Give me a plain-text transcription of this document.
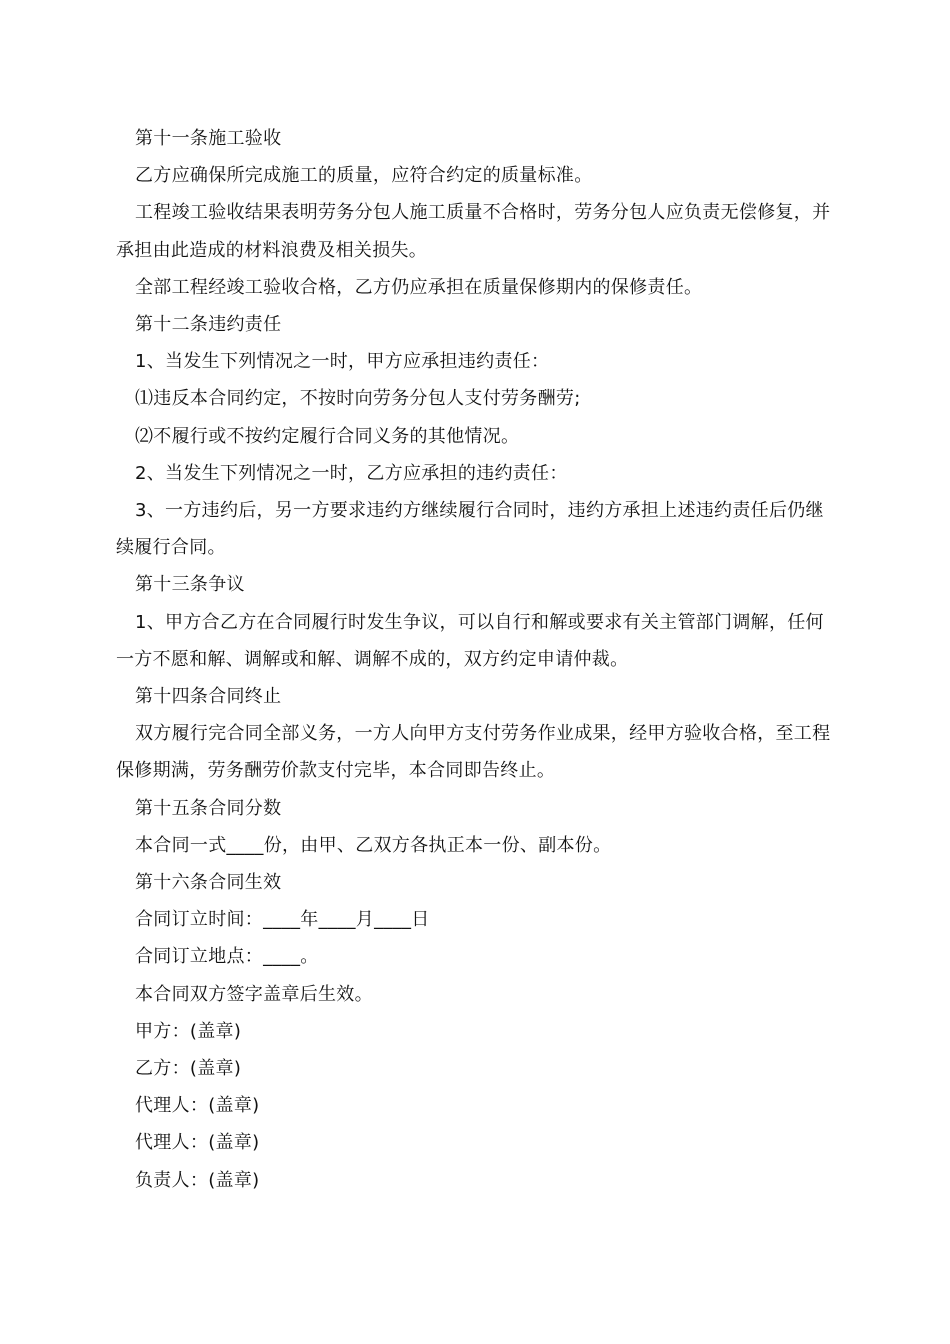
第十一条施工验收

乙方应确保所完成施工的质量，应符合约定的质量标准。

工程竣工验收结果表明劳务分包人施工质量不合格时，劳务分包人应负责无偿修复，并承担由此造成的材料浪费及相关损失。

全部工程经竣工验收合格，乙方仍应承担在质量保修期内的保修责任。

第十二条违约责任

1、当发生下列情况之一时，甲方应承担违约责任：

⑴违反本合同约定，不按时向劳务分包人支付劳务酬劳;

⑵不履行或不按约定履行合同义务的其他情况。

2、当发生下列情况之一时，乙方应承担的违约责任：

3、一方违约后，另一方要求违约方继续履行合同时，违约方承担上述违约责任后仍继续履行合同。

第十三条争议

1、甲方合乙方在合同履行时发生争议，可以自行和解或要求有关主管部门调解，任何一方不愿和解、调解或和解、调解不成的，双方约定申请仲裁。

第十四条合同终止

双方履行完合同全部义务，一方人向甲方支付劳务作业成果，经甲方验收合格，至工程保修期满，劳务酬劳价款支付完毕，本合同即告终止。

第十五条合同分数

本合同一式____份，由甲、乙双方各执正本一份、副本份。

第十六条合同生效

合同订立时间：____年____月____日

合同订立地点：____。

本合同双方签字盖章后生效。

甲方：(盖章)

乙方：(盖章)

代理人：(盖章)

代理人：(盖章)

负责人：(盖章)
